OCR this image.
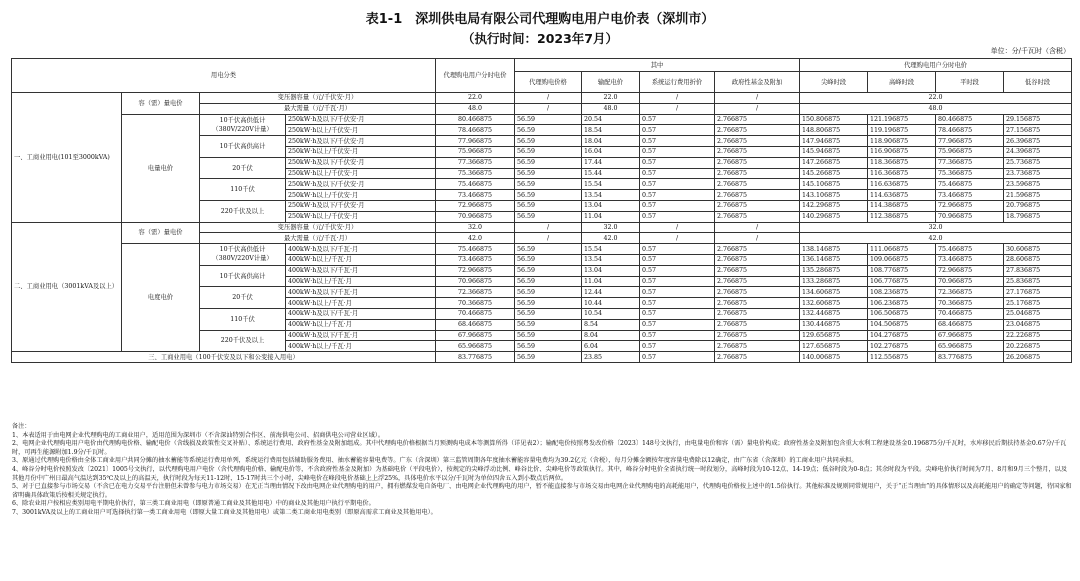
表1-1　深圳供电局有限公司代理购电用户电价表（深圳市）
（执行时间：2023年7月）
单位：分/千瓦时（含税）
用电分类				代理购电用户分时电价	其中				代理购电用户分时电价			
					代理购电价格	输配电价	系统运行费用折价	政府性基金及附加	尖峰时段	高峰时段	平时段	低谷时段
一、工商业用电(101至3000kVA)	容（需）量电价	变压器容量（元/千伏安·月）		22.0	/	22.0	/	/	22.0			
		最大需量（元/千瓦·月）		48.0	/	48.0	/	/	48.0			
	电量电价	10千伏高供低计（380V/220V计量）	250kW·h及以下/千伏安·月	80.466875	56.59	20.54	0.57	2.766875	150.806875	121.196875	80.466875	29.156875
			250kW·h以上/千伏安·月	78.466875	56.59	18.54	0.57	2.766875	148.806875	119.196875	78.466875	27.156875
		10千伏高供高计	250kW·h及以下/千伏安·月	77.966875	56.59	18.04	0.57	2.766875	147.946875	118.906875	77.966875	26.396875
			250kW·h以上/千伏安·月	75.966875	56.59	16.04	0.57	2.766875	145.946875	116.906875	75.966875	24.396875
		20千伏	250kW·h及以下/千伏安·月	77.366875	56.59	17.44	0.57	2.766875	147.266875	118.366875	77.366875	25.736875
			250kW·h以上/千伏安·月	75.366875	56.59	15.44	0.57	2.766875	145.266875	116.366875	75.366875	23.736875
		110千伏	250kW·h及以下/千伏安·月	75.466875	56.59	15.54	0.57	2.766875	145.106875	116.636875	75.466875	23.596875
			250kW·h以上/千伏安·月	73.466875	56.59	13.54	0.57	2.766875	143.106875	114.636875	73.466875	21.596875
		220千伏及以上	250kW·h及以下/千伏安·月	72.966875	56.59	13.04	0.57	2.766875	142.296875	114.386875	72.966875	20.796875
			250kW·h以上/千伏安·月	70.966875	56.59	11.04	0.57	2.766875	140.296875	112.386875	70.966875	18.796875
二、工商业用电（3001kVA及以上）	容（需）量电价	变压器容量（元/千伏安·月）		32.0	/	32.0	/	/	32.0			
		最大需量（元/千瓦·月）		42.0	/	42.0	/	/	42.0			
	电度电价	10千伏高供低计（380V/220V计量）	400kW·h及以下/千瓦·月	75.466875	56.59	15.54	0.57	2.766875	138.146875	111.066875	75.466875	30.606875
			400kW·h以上/千瓦·月	73.466875	56.59	13.54	0.57	2.766875	136.146875	109.066875	73.466875	28.606875
		10千伏高供高计	400kW·h及以下/千瓦·月	72.966875	56.59	13.04	0.57	2.766875	135.286875	108.776875	72.966875	27.836875
			400kW·h以上/千瓦·月	70.966875	56.59	11.04	0.57	2.766875	133.286875	106.776875	70.966875	25.836875
		20千伏	400kW·h及以下/千瓦·月	72.366875	56.59	12.44	0.57	2.766875	134.606875	108.236875	72.366875	27.176875
			400kW·h以上/千瓦·月	70.366875	56.59	10.44	0.57	2.766875	132.606875	106.236875	70.366875	25.176875
		110千伏	400kW·h及以下/千瓦·月	70.466875	56.59	10.54	0.57	2.766875	132.446875	106.506875	70.466875	25.046875
			400kW·h以上/千瓦·月	68.466875	56.59	8.54	0.57	2.766875	130.446875	104.506875	68.466875	23.046875
		220千伏及以上	400kW·h及以下/千瓦·月	67.966875	56.59	8.04	0.57	2.766875	129.656875	104.276875	67.966875	22.226875
			400kW·h以上/千瓦·月	65.966875	56.59	6.04	0.57	2.766875	127.656875	102.276875	65.966875	20.226875
三、工商业用电（100千伏安及以下和公变接入用电）				83.776875	56.59	23.85	0.57	2.766875	140.006875	112.556875	83.776875	26.206875
备注：
1、本表适用于由电网企业代理购电的工商业用户，适用范围为深圳市（不含深汕特别合作区、前海供电公司、招商供电公司营业区域）。
2、电网企业代理购电用户电价由代理购电价格、输配电价（含线损及政策性交叉补贴）、系统运行费用、政府性基金及附加组成。其中代理购电价格根据当月预测购电成本等测算所得（详见表2）；输配电价按照粤发改价格〔2023〕148号文执行，由电量电价和容（需）量电价构成；政府性基金及附加包含重大水利工程建设基金0.196875分/千瓦时，水库移民后期扶持基金0.67分/千瓦时，可再生能源附加1.9分/千瓦时。
3、原通过代理购电价格由全体工商业用户共同分摊的抽水蓄能等系统运行费用单列，系统运行费用包括辅助服务费用、抽水蓄能容量电费等。广东（含深圳）第三监管周期各年度抽水蓄能容量电费均为39.2亿元（含税），每月分摊金额按年度容量电费除以12确定，由广东省（含深圳）的工商业用户共同承担。
4、峰谷分时电价按照发改〔2021〕1005号文执行，以代理购电用户电价（含代理购电价格、输配电价等，不含政府性基金及附加）为基础电价（平段电价），按规定的尖峰浮动比例、峰谷比价、尖峰电价等政策执行。其中，峰谷分时电价全省执行统一时段划分，高峰时段为10-12点、14-19点；低谷时段为0-8点；其余时段为平段。尖峰电价执行时间为7月、8月和9月三个整月，以及其他月份中广州日最高气温达到35℃及以上的高温天，执行时段为每天11-12时、15-17时共三个小时，尖峰电价在峰段电价基础上上浮25%，具体电价水平以分/千瓦时为单位四舍五入到小数点后两位。
5、对于已直接参与市场交易（不含已在电力交易平台注册但未曾参与电力市场交易）在无正当理由情况下改由电网企业代理购电的用户，拥有燃煤发电自备电厂、由电网企业代理购电的用户，暂不能直接参与市场交易由电网企业代理购电的高耗能用户，代理购电价格按上述中的1.5倍执行。其他标准及规则同常规用户，关于“正当理由”的具体情形以及高耗能用户的确定等问题，待国家和省明确具体政策后按相关规定执行。
6、除农业用户按相应类别用电平期电价执行，第三类工商业用电（即原普通工商业及其他用电）中的商业及其他用户执行平期电价。
7、3001kVA及以上的工商业用户可选择执行第一类工商业用电（即原大量工商业及其他用电）或第二类工商业用电类别（即原高需求工商业及其他用电）。
